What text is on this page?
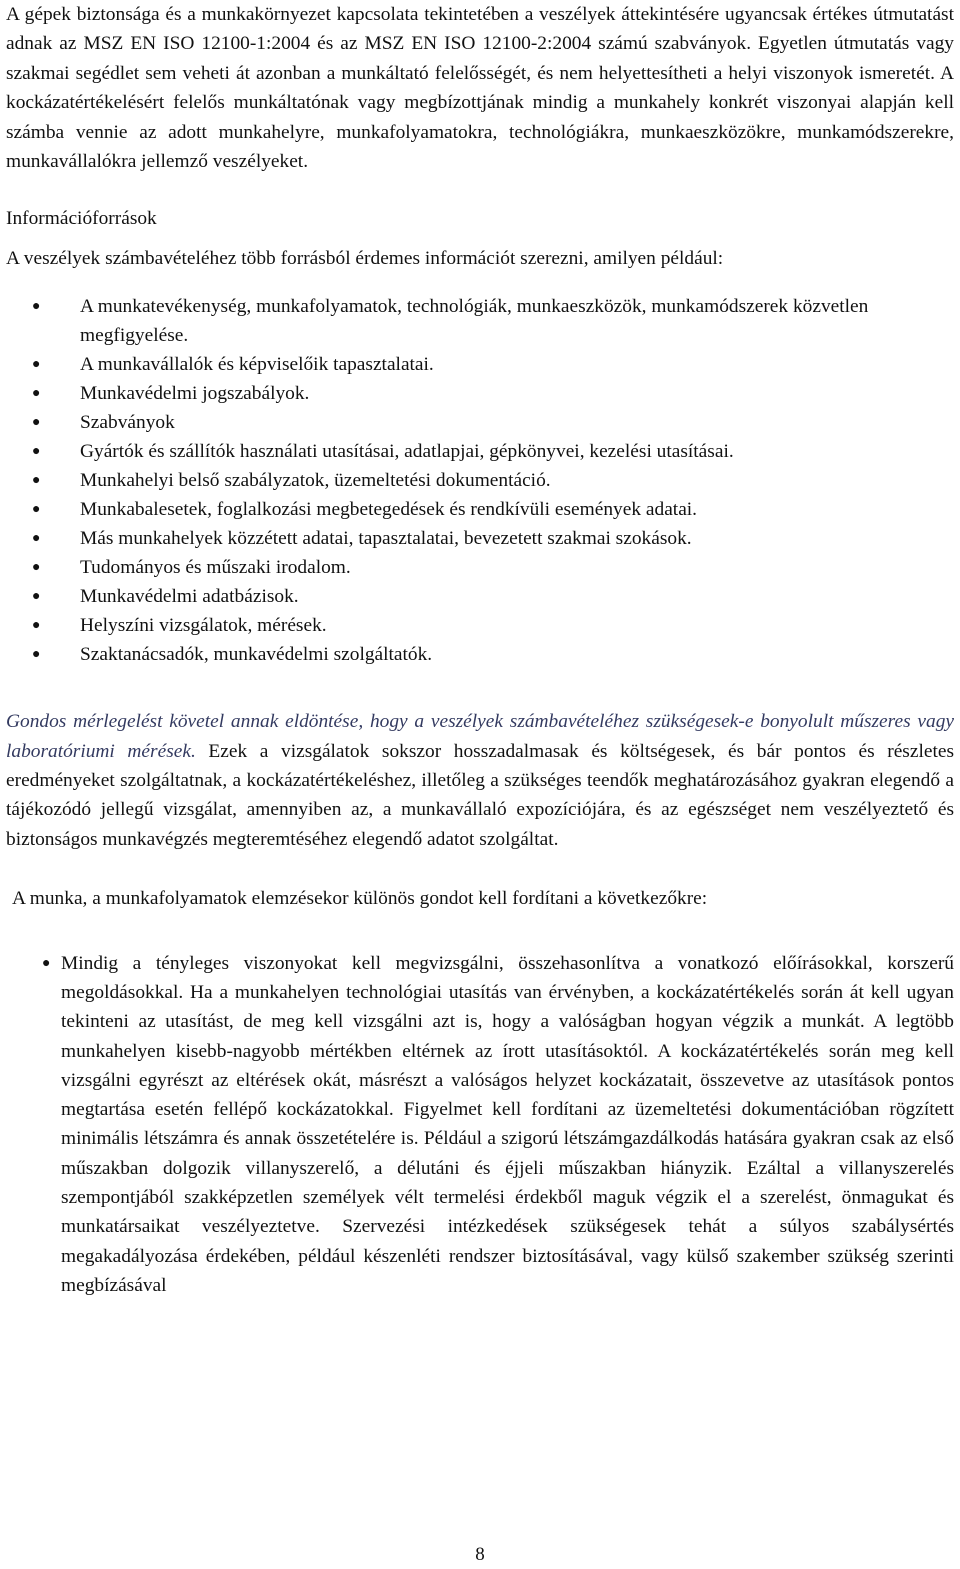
A gépek biztonsága és a munkakörnyezet kapcsolata tekintetében a veszélyek áttekintésére ugyancsak értékes útmutatást adnak az MSZ EN ISO 12100-1:2004 és az MSZ EN ISO 12100-2:2004 számú szabványok. Egyetlen útmutatás vagy szakmai segédlet sem veheti át azonban a munkáltató felelősségét, és nem helyettesítheti a helyi viszonyok ismeretét. A kockázatértékelésért felelős munkáltatónak vagy megbízottjának mindig a munkahely konkrét viszonyai alapján kell számba vennie az adott munkahelyre, munkafolyamatokra, technológiákra, munkaeszközökre, munkamódszerekre, munkavállalókra jellemző veszélyeket.

Információforrások

A veszélyek számbavételéhez több forrásból érdemes információt szerezni, amilyen például:

● A munkatevékenység, munkafolyamatok, technológiák, munkaeszközök, munkamódszerek közvetlen megfigyelése.
● A munkavállalók és képviselőik tapasztalatai.
● Munkavédelmi jogszabályok.
● Szabványok
● Gyártók és szállítók használati utasításai, adatlapjai, gépkönyvei, kezelési utasításai.
● Munkahelyi belső szabályzatok, üzemeltetési dokumentáció.
● Munkabalesetek, foglalkozási megbetegedések és rendkívüli események adatai.
● Más munkahelyek közzétett adatai, tapasztalatai, bevezetett szakmai szokások.
● Tudományos és műszaki irodalom.
● Munkavédelmi adatbázisok.
● Helyszíni vizsgálatok, mérések.
● Szaktanácsadók, munkavédelmi szolgáltatók.

Gondos mérlegelést követel annak eldöntése, hogy a veszélyek számbavételéhez szükségesek-e bonyolult műszeres vagy laboratóriumi mérések. Ezek a vizsgálatok sokszor hosszadalmasak és költségesek, és bár pontos és részletes eredményeket szolgáltatnak, a kockázatértékeléshez, illetőleg a szükséges teendők meghatározásához gyakran elegendő a tájékozódó jellegű vizsgálat, amennyiben az, a munkavállaló expozíciójára, és az egészséget nem veszélyeztető és biztonságos munkavégzés megteremtéséhez elegendő adatot szolgáltat.

A munka, a munkafolyamatok elemzésekor különös gondot kell fordítani a következőkre:

● Mindig a tényleges viszonyokat kell megvizsgálni, összehasonlítva a vonatkozó előírásokkal, korszerű megoldásokkal. Ha a munkahelyen technológiai utasítás van érvényben, a kockázatértékelés során át kell ugyan tekinteni az utasítást, de meg kell vizsgálni azt is, hogy a valóságban hogyan végzik a munkát. A legtöbb munkahelyen kisebb-nagyobb mértékben eltérnek az írott utasításoktól. A kockázatértékelés során meg kell vizsgálni egyrészt az eltérések okát, másrészt a valóságos helyzet kockázatait, összevetve az utasítások pontos megtartása esetén fellépő kockázatokkal. Figyelmet kell fordítani az üzemeltetési dokumentációban rögzített minimális létszámra és annak összetételére is. Például a szigorú létszámgazdálkodás hatására gyakran csak az első műszakban dolgozik villanyszerelő, a délutáni és éjjeli műszakban hiányzik. Ezáltal a villanyszerelés szempontjából szakképzetlen személyek vélt termelési érdekből maguk végzik el a szerelést, önmagukat és munkatársaikat veszélyeztetve. Szervezési intézkedések szükségesek tehát a súlyos szabálysértés megakadályozása érdekében, például készenléti rendszer biztosításával, vagy külső szakember szükség szerinti megbízásával
8
